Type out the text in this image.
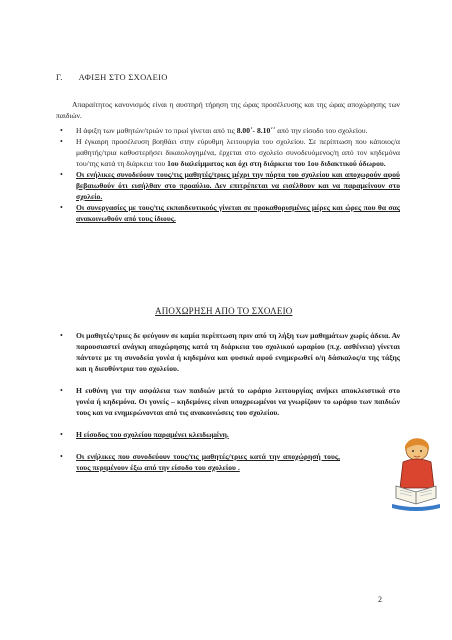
Γ. ΑΦΙΞΗ ΣΤΟ ΣΧΟΛΕΙΟ
Απαραίτητος κανονισμός είναι η αυστηρή τήρηση της ώρας προσέλευσης και της ώρας αποχώρησης των παιδιών.
• Η άφιξη των μαθητών/τριών το πρωί γίνεται από τις 8.00΄- 8.10΄΄ από την είσοδο του σχολείου.
• Η έγκαιρη προσέλευση βοηθάει στην εύρυθμη λειτουργία του σχολείου. Σε περίπτωση που κάποιος/α μαθητής/τρια καθυστερήσει δικαιολογημένα, έρχεται στο σχολείο συνοδευόμενος/η από τον κηδεμόνα του/της κατά τη διάρκεια του 1ου διαλείμματος και όχι στη διάρκεια του 1ου διδακτικού όδωρου.
• Οι ενήλικες συνοδεύουν τους/τις μαθητές/τριες μέχρι την πόρτα του σχολείου και αποχωρούν αφού βεβαιωθούν ότι εισήλθαν στο προαύλιο. Δεν επιτρέπεται να εισέλθουν και να παραμείνουν στο σχολείο.
• Οι συνεργασίες με τους/τις εκπαιδευτικούς γίνεται σε προκαθορισμένες μέρες και ώρες που θα σας ανακοινωθούν από τους ίδιους.
ΑΠΟΧΩΡΗΣΗ ΑΠΟ ΤΟ ΣΧΟΛΕΙΟ
• Οι μαθητές/τριες δε φεύγουν σε καμία περίπτωση πριν από τη λήξη των μαθημάτων χωρίς άδεια. Αν παρουσιαστεί ανάγκη αποχώρησης κατά τη διάρκεια του σχολικού ωραρίου (π.χ. ασθένεια) γίνεται πάντοτε με τη συνοδεία γονέα ή κηδεμόνα και φυσικά αφού ενημερωθεί ο/η δάσκαλος/α της τάξης και η διευθύντρια του σχολείου.
• Η ευθύνη για την ασφάλεια των παιδιών μετά το ωράριο λειτουργίας ανήκει αποκλειστικά στο γονέα ή κηδεμόνα. Οι γονείς – κηδεμόνες είναι υποχρεωμένοι να γνωρίζουν το ωράριο των παιδιών τους και να ενημερώνονται από τις ανακοινώσεις του σχολείου.
• Η είσοδος του σχολείου παραμένει κλειδωμένη.
• Οι ενήλικες που συνοδεύουν τους/τις μαθητές/τριες κατά την αποχώρησή τους, τους περιμένουν έξω από την είσοδο του σχολείου .
2
